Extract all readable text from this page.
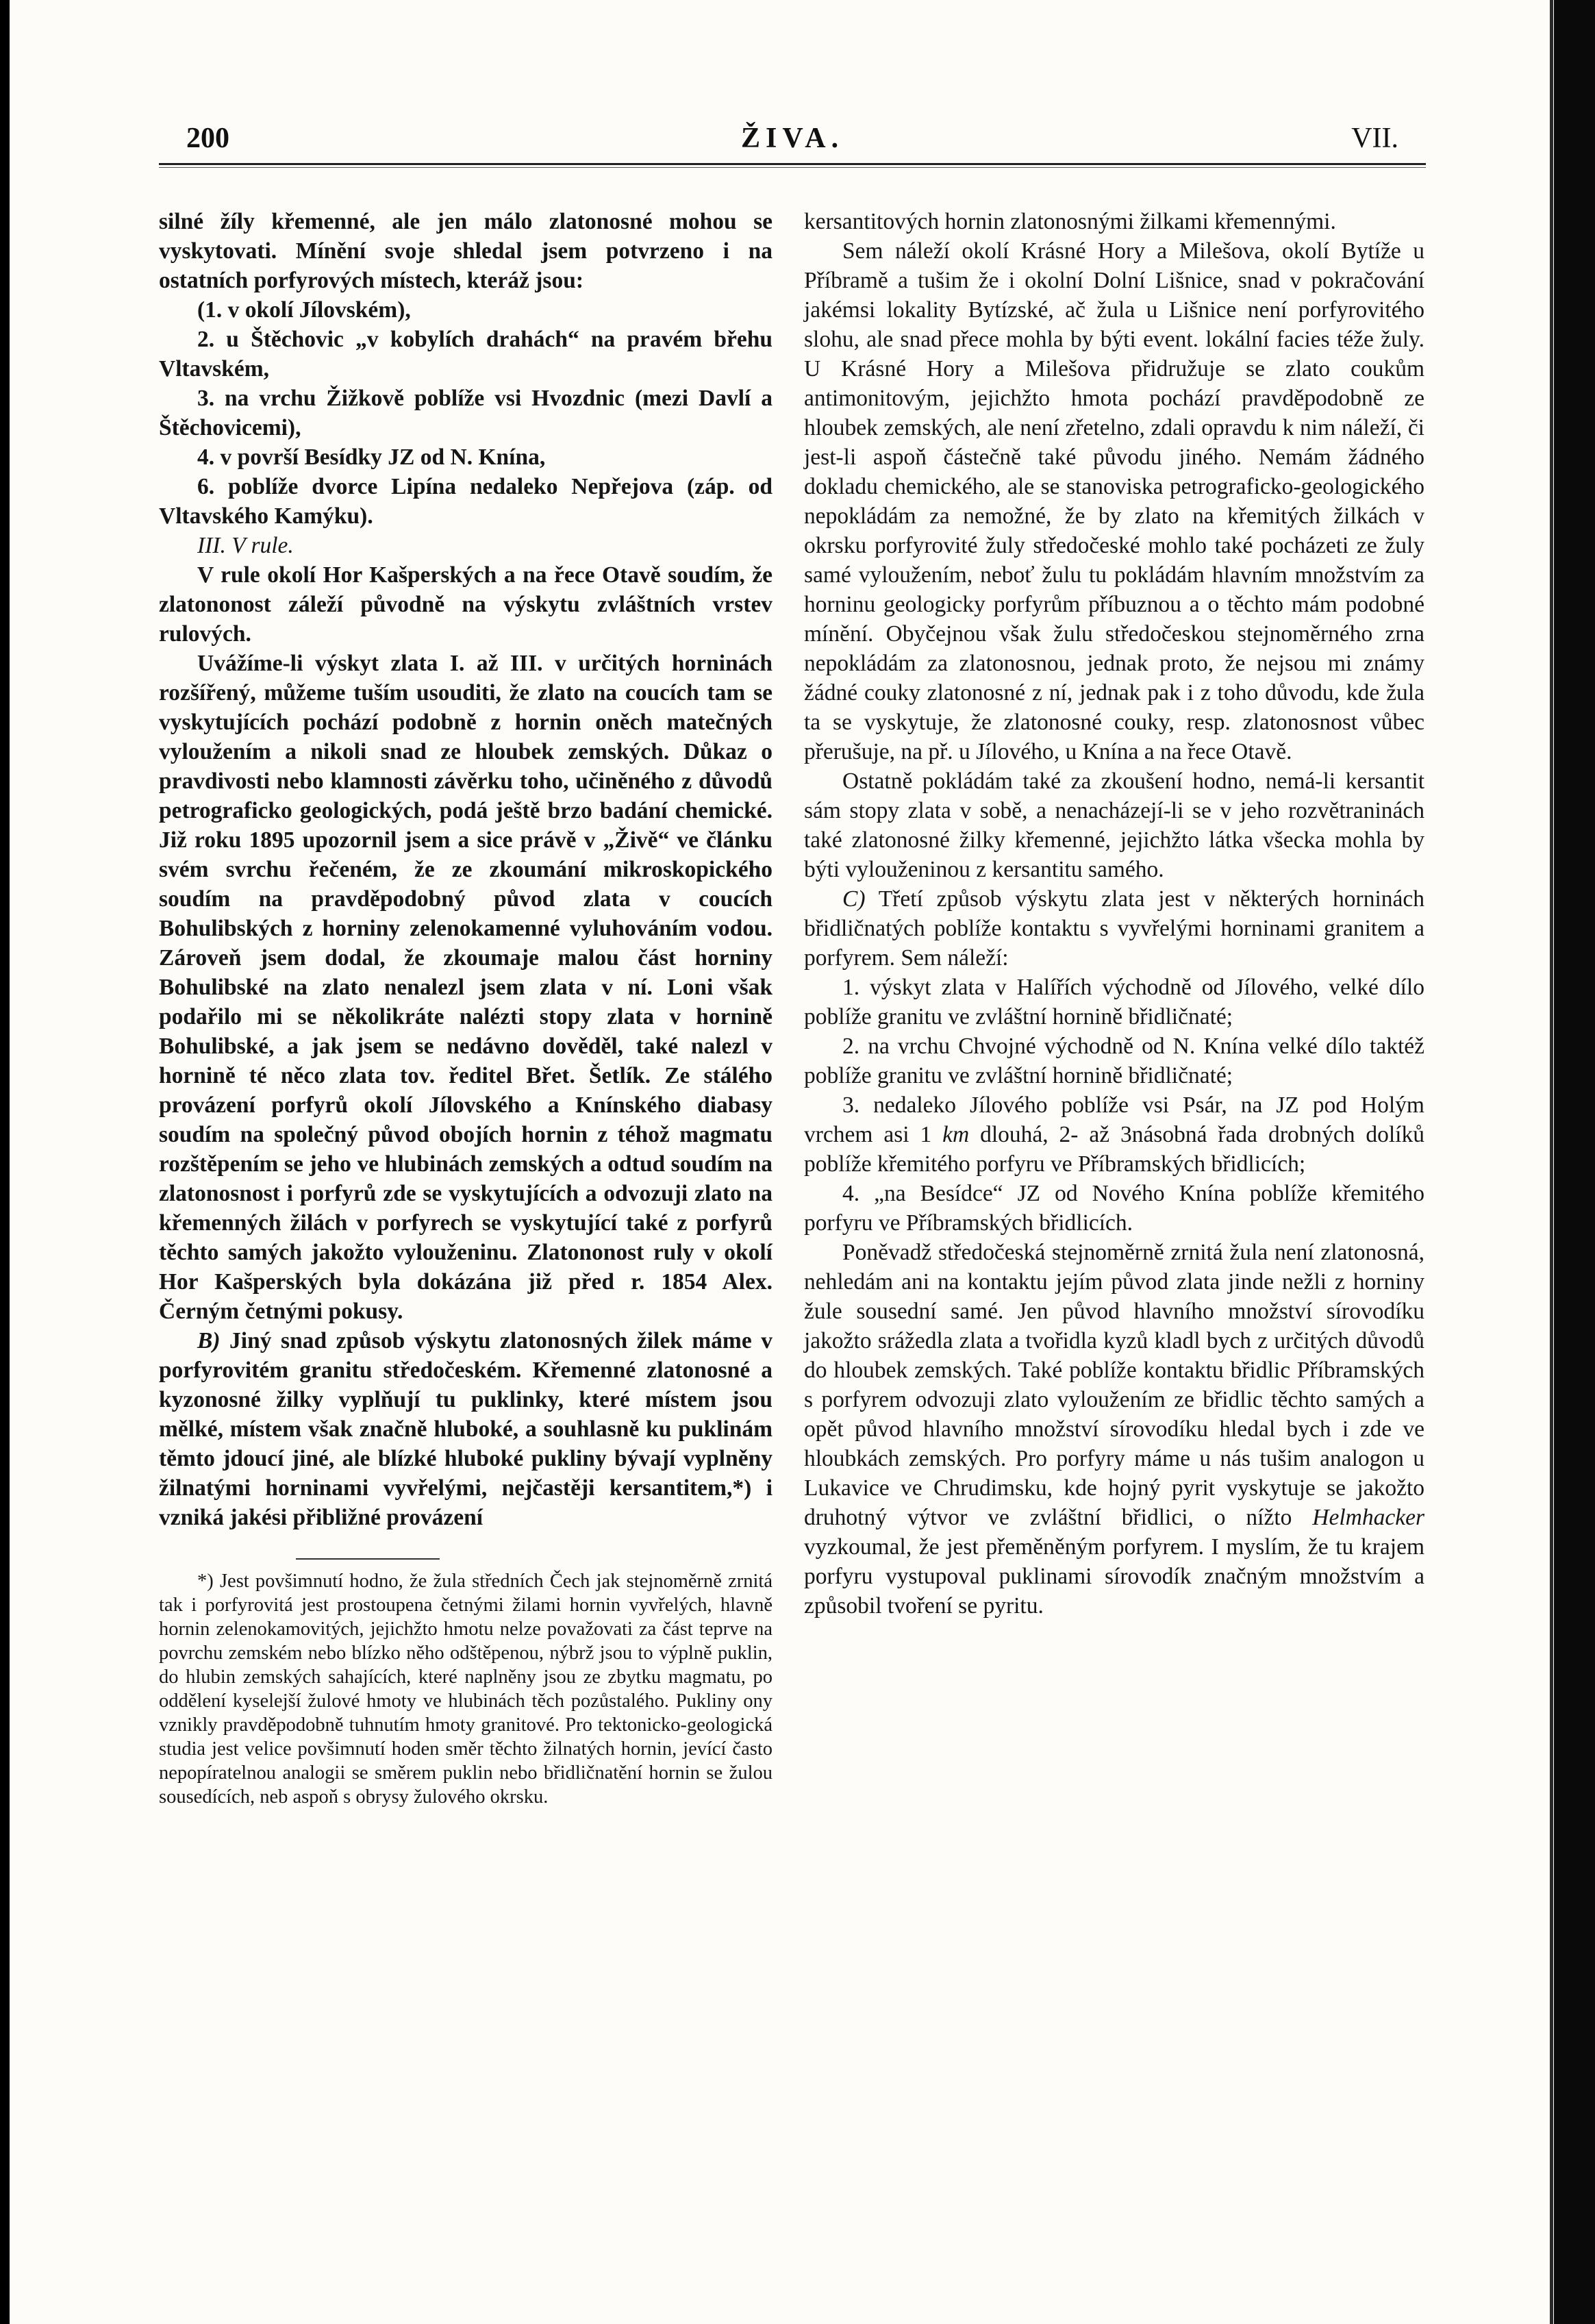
200	ŽIVA.	VII.

silné žíly křemenné, ale jen málo zlatonosné mohou se vyskytovati. Mínění svoje shledal jsem potvrzeno i na ostatních porfyrových místech, kteráž jsou:

(1. v okolí Jílovském),

2. u Štěchovic „v kobylích drahách“ na pravém břehu Vltavském,

3. na vrchu Žižkově poblíže vsi Hvozdnic (mezi Davlí a Štěchovicemi),

4. v površí Besídky JZ od N. Knína,

6. poblíže dvorce Lipína nedaleko Nepřejova (záp. od Vltavského Kamýku).

III. V rule.

V rule okolí Hor Kašperských a na řece Otavě soudím, že zlatononost záleží původně na výskytu zvláštních vrstev rulových.

Uvážíme-li výskyt zlata I. až III. v určitých horninách rozšířený, můžeme tuším usouditi, že zlato na coucích tam se vyskytujících pochází podobně z hornin oněch matečných vyloužením a nikoli snad ze hloubek zemských. Důkaz o pravdivosti nebo klamnosti závěrku toho, učiněného z důvodů petrograficko geologických, podá ještě brzo badání chemické. Již roku 1895 upozornil jsem a sice právě v „Živě“ ve článku svém svrchu řečeném, že ze zkoumání mikroskopického soudím na pravděpodobný původ zlata v coucích Bohulibských z horniny zelenokamenné vyluhováním vodou. Zároveň jsem dodal, že zkoumaje malou část horniny Bohulibské na zlato nenalezl jsem zlata v ní. Loni však podařilo mi se několikráte nalézti stopy zlata v hornině Bohulibské, a jak jsem se nedávno dověděl, také nalezl v hornině té něco zlata tov. ředitel Břet. Šetlík. Ze stálého provázení porfyrů okolí Jílovského a Knínského diabasy soudím na společný původ obojích hornin z téhož magmatu rozštěpením se jeho ve hlubinách zemských a odtud soudím na zlatonosnost i porfyrů zde se vyskytujících a odvozuji zlato na křemenných žilách v porfyrech se vyskytující také z porfyrů těchto samých jakožto vylouženinu. Zlatononost ruly v okolí Hor Kašperských byla dokázána již před r. 1854 Alex. Černým četnými pokusy.

B) Jiný snad způsob výskytu zlatonosných žilek máme v porfyrovitém granitu středočeském. Křemenné zlatonosné a kyzonosné žilky vyplňují tu puklinky, které místem jsou mělké, místem však značně hluboké, a souhlasně ku puklinám těmto jdoucí jiné, ale blízké hluboké pukliny bývají vyplněny žilnatými horninami vyvřelými, nejčastěji kersantitem,*) i vzniká jakési přibližné provázení

*) Jest povšimnutí hodno, že žula středních Čech jak stejnoměrně zrnitá tak i porfyrovitá jest prostoupena četnými žilami hornin vyvřelých, hlavně hornin zelenokamovitých, jejichžto hmotu nelze považovati za část teprve na povrchu zemském nebo blízko něho odštěpenou, nýbrž jsou to výplně puklin, do hlubin zemských sahajících, které naplněny jsou ze zbytku magmatu, po oddělení kyselejší žulové hmoty ve hlubinách těch pozůstalého. Pukliny ony vznikly pravděpodobně tuhnutím hmoty granitové. Pro tektonicko-geologická studia jest velice povšimnutí hoden směr těchto žilnatých hornin, jevící často nepopíratelnou analogii se směrem puklin nebo břidličnatění hornin se žulou sousedících, neb aspoň s obrysy žulového okrsku.

kersantitových hornin zlatonosnými žilkami křemennými.

Sem náleží okolí Krásné Hory a Milešova, okolí Bytíže u Příbramě a tušim že i okolní Dolní Lišnice, snad v pokračování jakémsi lokality Bytízské, ač žula u Lišnice není porfyrovitého slohu, ale snad přece mohla by býti event. lokální facies téže žuly. U Krásné Hory a Milešova přidružuje se zlato coukům antimonitovým, jejichžto hmota pochází pravděpodobně ze hloubek zemských, ale není zřetelno, zdali opravdu k nim náleží, či jest-li aspoň částečně také původu jiného. Nemám žádného dokladu chemického, ale se stanoviska petrograficko-geologického nepokládám za nemožné, že by zlato na křemitých žilkách v okrsku porfyrovité žuly středočeské mohlo také pocházeti ze žuly samé vyloužením, neboť žulu tu pokládám hlavním množstvím za horninu geologicky porfyrům příbuznou a o těchto mám podobné mínění. Obyčejnou však žulu středočeskou stejnoměrného zrna nepokládám za zlatonosnou, jednak proto, že nejsou mi známy žádné couky zlatonosné z ní, jednak pak i z toho důvodu, kde žula ta se vyskytuje, že zlatonosné couky, resp. zlatonosnost vůbec přerušuje, na př. u Jílového, u Knína a na řece Otavě.

Ostatně pokládám také za zkoušení hodno, nemá-li kersantit sám stopy zlata v sobě, a nenacházejí-li se v jeho rozvětraninách také zlatonosné žilky křemenné, jejichžto látka všecka mohla by býti vylouženinou z kersantitu samého.

C) Třetí způsob výskytu zlata jest v některých horninách břidličnatých poblíže kontaktu s vyvřelými horninami granitem a porfyrem. Sem náleží:

1. výskyt zlata v Halířích východně od Jílového, velké dílo poblíže granitu ve zvláštní hornině břidličnaté;

2. na vrchu Chvojné východně od N. Knína velké dílo taktéž poblíže granitu ve zvláštní hornině břidličnaté;

3. nedaleko Jílového poblíže vsi Psár, na JZ pod Holým vrchem asi 1 km dlouhá, 2- až 3násobná řada drobných dolíků poblíže křemitého porfyru ve Příbramských břidlicích;

4. „na Besídce“ JZ od Nového Knína poblíže křemitého porfyru ve Příbramských břidlicích.

Poněvadž středočeská stejnoměrně zrnitá žula není zlatonosná, nehledám ani na kontaktu jejím původ zlata jinde nežli z horniny žule sousední samé. Jen původ hlavního množství sírovodíku jakožto srážedla zlata a tvořidla kyzů kladl bych z určitých důvodů do hloubek zemských. Také poblíže kontaktu břidlic Příbramských s porfyrem odvozuji zlato vyloužením ze břidlic těchto samých a opět původ hlavního množství sírovodíku hledal bych i zde ve hloubkách zemských. Pro porfyry máme u nás tušim analogon u Lukavice ve Chrudimsku, kde hojný pyrit vyskytuje se jakožto druhotný výtvor ve zvláštní břidlici, o nížto Helmhacker vyzkoumal, že jest přeměněným porfyrem. I myslím, že tu krajem porfyru vystupoval puklinami sírovodík značným množstvím a způsobil tvoření se pyritu.
